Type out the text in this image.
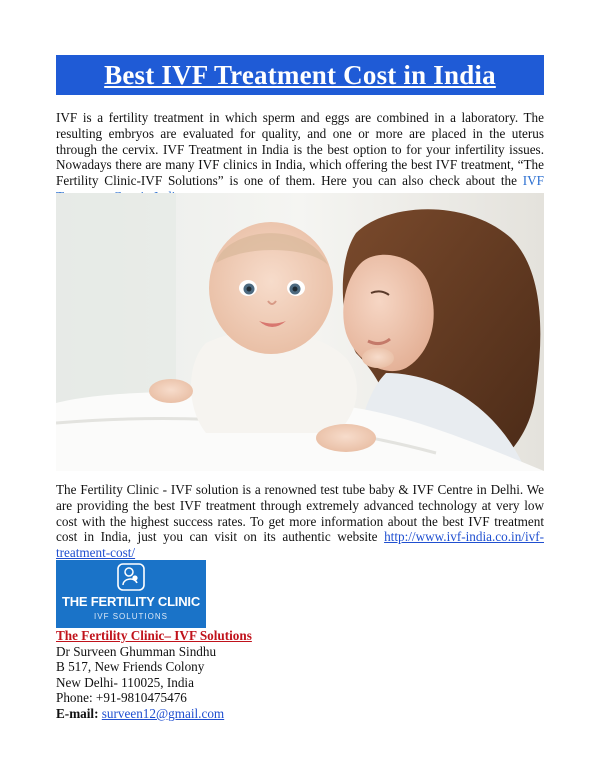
Best IVF Treatment Cost in India

IVF is a fertility treatment in which sperm and eggs are combined in a laboratory. The resulting embryos are evaluated for quality, and one or more are placed in the uterus through the cervix. IVF Treatment in India is the best option to for your infertility issues. Nowadays there are many IVF clinics in India, which offering the best IVF treatment, “The Fertility Clinic-IVF Solutions” is one of them. Here you can also check about the IVF

The Fertility Clinic - IVF solution is a renowned test tube baby & IVF Centre in Delhi. We are providing the best IVF treatment through extremely advanced technology at very low cost with the highest success rates. To get more information about the best IVF treatment cost in India, just you can visit on its authentic website http://www.ivf-india.co.in/ivf-treatment-cost/

THE FERTILITY CLINIC
IVF SOLUTIONS
The Fertility Clinic– IVF Solutions
Dr Surveen Ghumman Sindhu
B 517, New Friends Colony
New Delhi- 110025, India
Phone: +91-9810475476
E-mail: surveen12@gmail.com
